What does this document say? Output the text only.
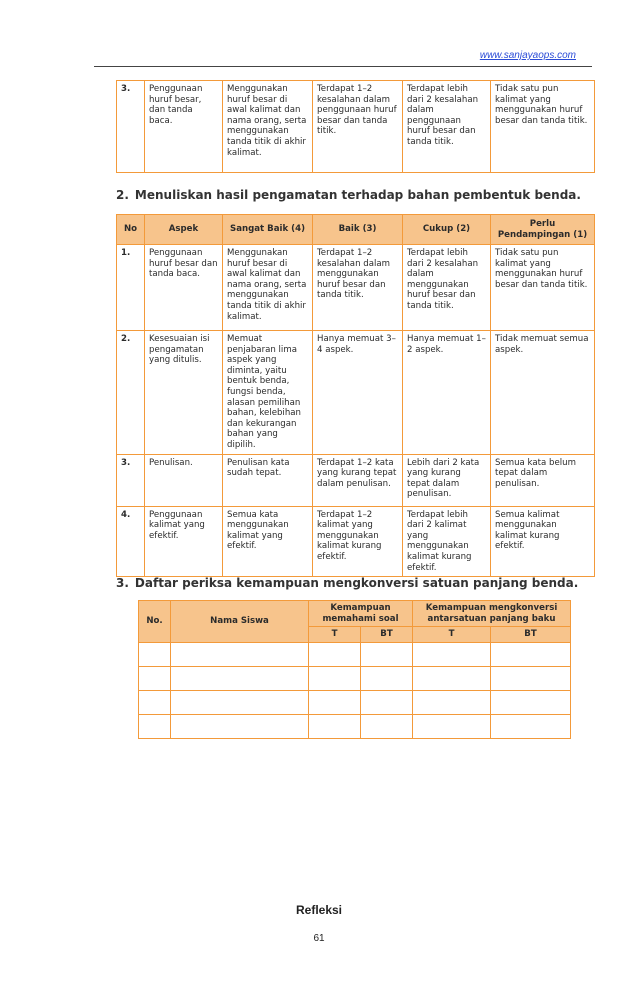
www.sanjayaops.com
3.	Penggunaan huruf besar, dan tanda baca.	Menggunakan huruf besar di awal kalimat dan nama orang, serta menggunakan tanda titik di akhir kalimat.	Terdapat 1–2 kesalahan dalam penggunaan huruf besar dan tanda titik.	Terdapat lebih dari 2 kesalahan dalam penggunaan huruf besar dan tanda titik.	Tidak satu pun kalimat yang menggunakan huruf besar dan tanda titik.
2. Menuliskan hasil pengamatan terhadap bahan pembentuk benda.
No	Aspek	Sangat Baik (4)	Baik (3)	Cukup (2)	Perlu Pendampingan (1)
1.	Penggunaan huruf besar dan tanda baca.	Menggunakan huruf besar di awal kalimat dan nama orang, serta menggunakan tanda titik di akhir kalimat.	Terdapat 1–2 kesalahan dalam menggunakan huruf besar dan tanda titik.	Terdapat lebih dari 2 kesalahan dalam menggunakan huruf besar dan tanda titik.	Tidak satu pun kalimat yang menggunakan huruf besar dan tanda titik.
2.	Kesesuaian isi pengamatan yang ditulis.	Memuat penjabaran lima aspek yang diminta, yaitu bentuk benda, fungsi benda, alasan pemilihan bahan, kelebihan dan kekurangan bahan yang dipilih.	Hanya memuat 3–4 aspek.	Hanya memuat 1–2 aspek.	Tidak memuat semua aspek.
3.	Penulisan.	Penulisan kata sudah tepat.	Terdapat 1–2 kata yang kurang tepat dalam penulisan.	Lebih dari 2 kata yang kurang tepat dalam penulisan.	Semua kata belum tepat dalam penulisan.
4.	Penggunaan kalimat yang efektif.	Semua kata menggunakan kalimat yang efektif.	Terdapat 1–2 kalimat yang menggunakan kalimat kurang efektif.	Terdapat lebih dari 2 kalimat yang menggunakan kalimat kurang efektif.	Semua kalimat menggunakan kalimat kurang efektif.
3. Daftar periksa kemampuan mengkonversi satuan panjang benda.
No.	Nama Siswa	Kemampuan memahami soal		Kemampuan mengkonversi antarsatuan panjang baku	
		T	BT	T	BT

Refleksi
61
